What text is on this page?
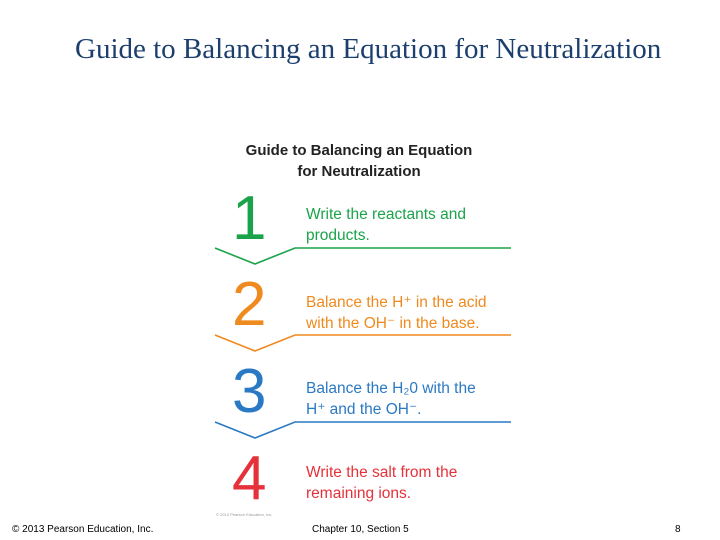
Guide to Balancing an Equation for Neutralization
Guide to Balancing an Equation
for Neutralization
1	Write the reactants and
products.
2	Balance the H⁺ in the acid
with the OH⁻ in the base.
3	Balance the H₂0 with the
H⁺ and the OH⁻.
4	Write the salt from the
remaining ions.
© 2013 Pearson Education, Inc.
© 2013 Pearson Education, Inc.	Chapter 10, Section 5	8
